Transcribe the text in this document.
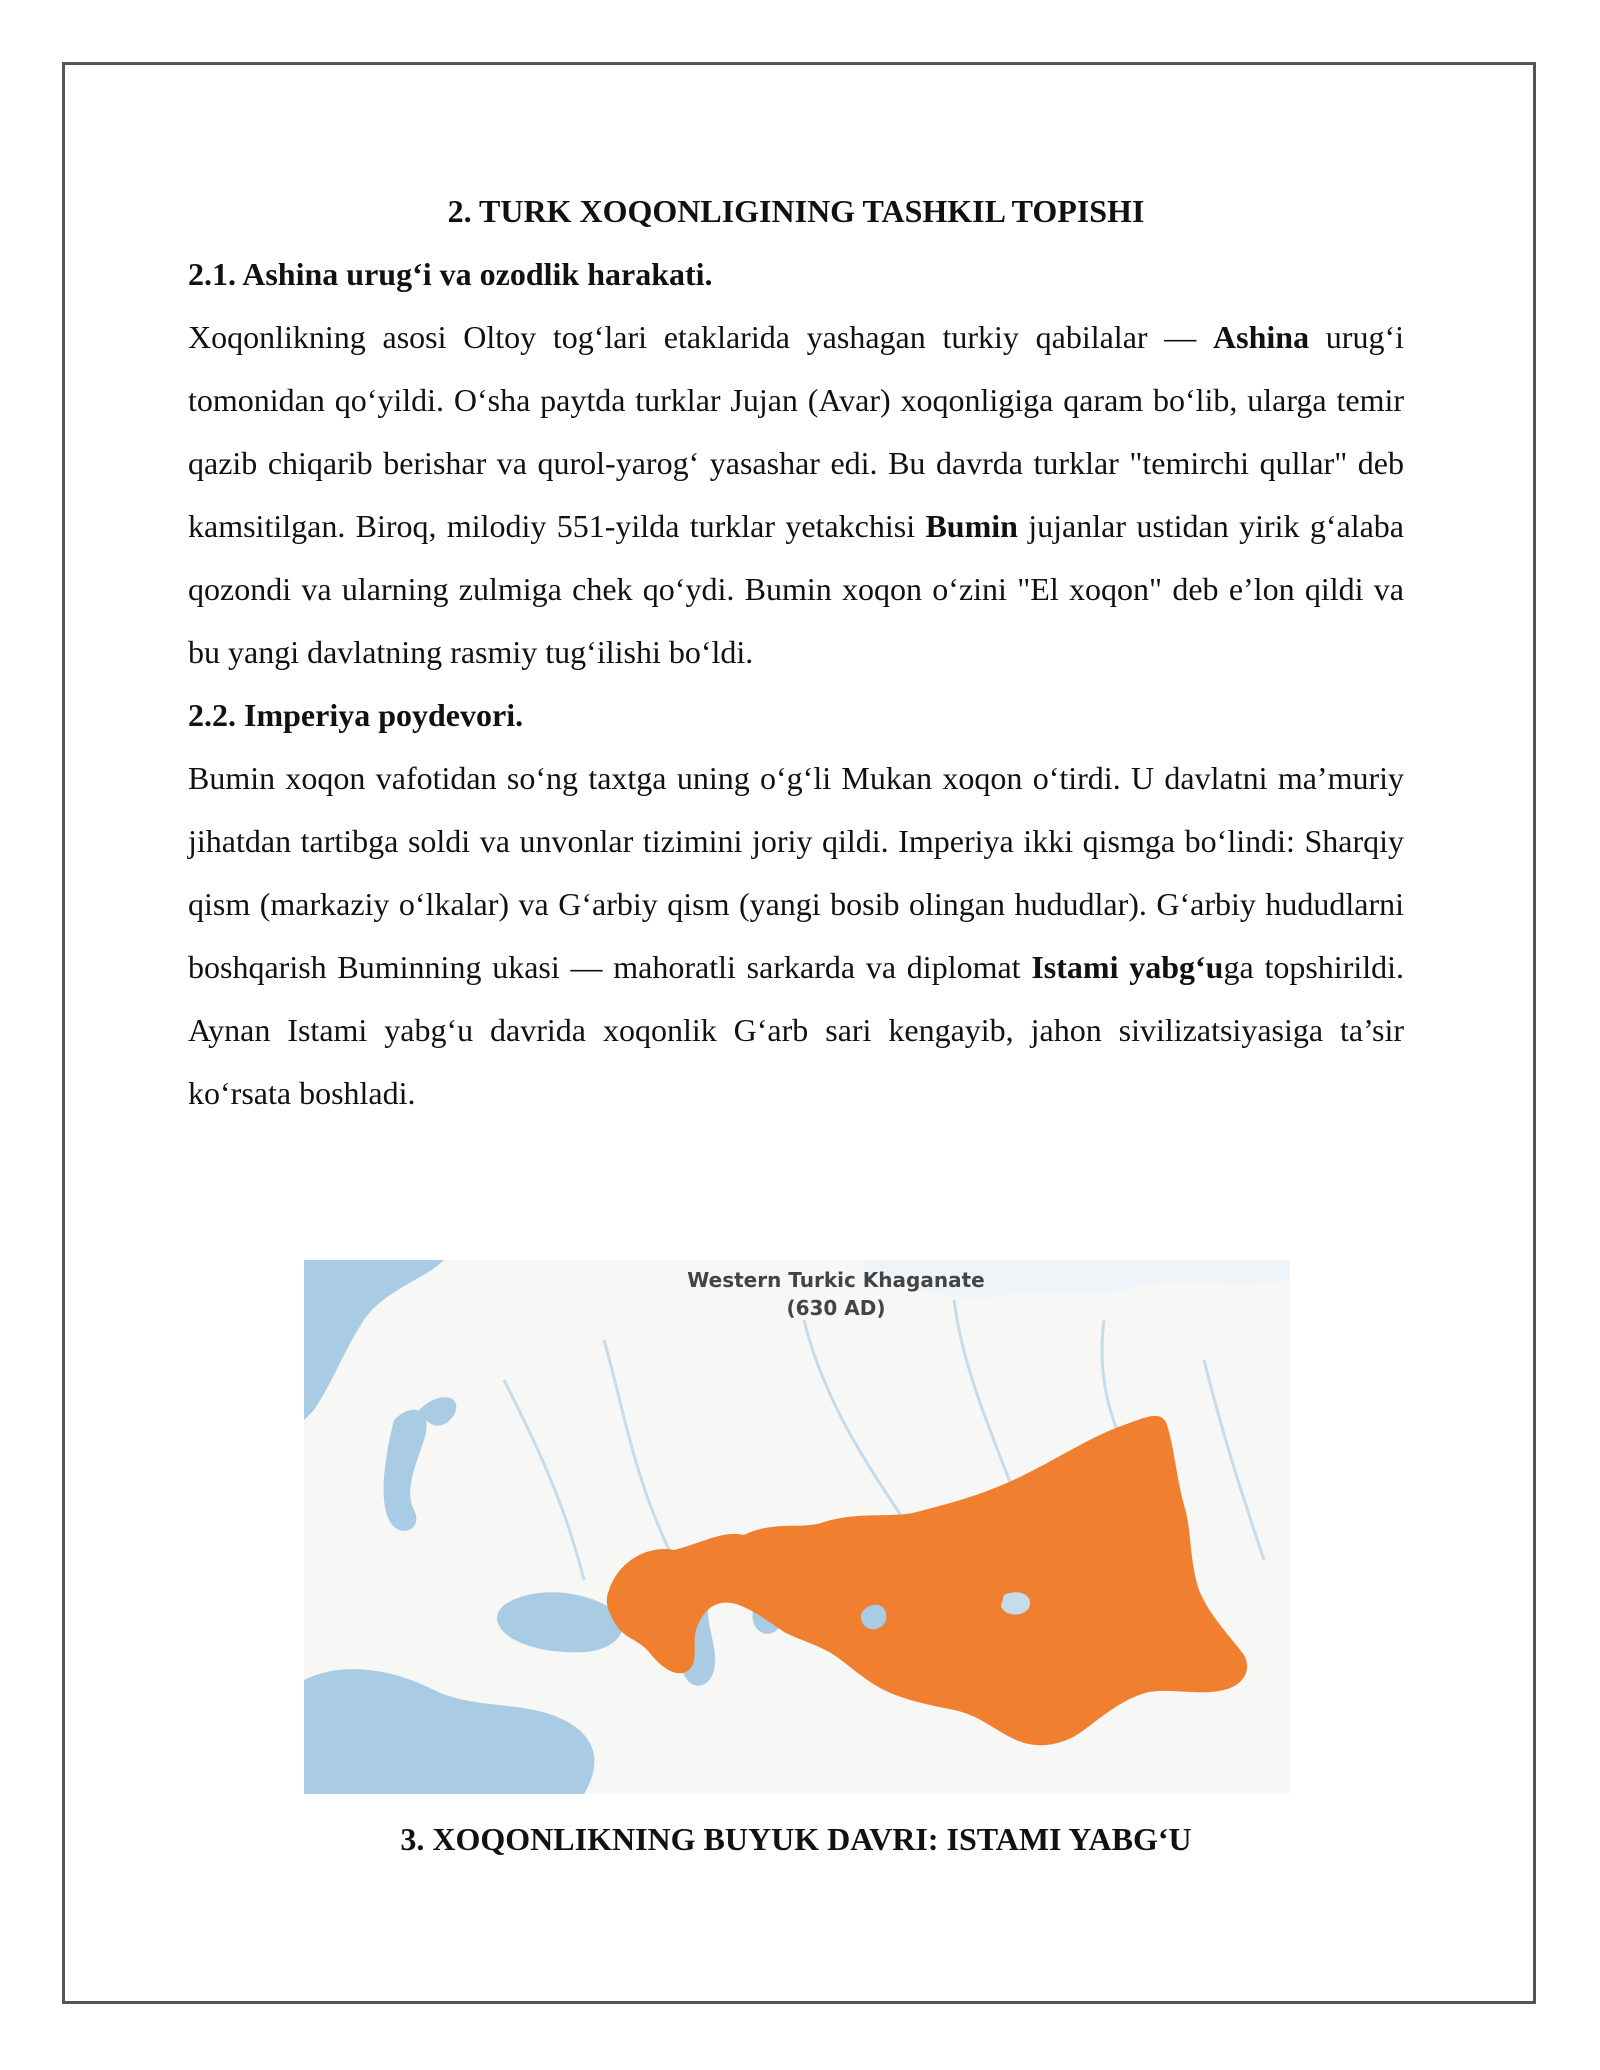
2. TURK XOQONLIGINING TASHKIL TOPISHI
2.1. Ashina urug‘i va ozodlik harakati.

Xoqonlikning asosi Oltoy tog‘lari etaklarida yashagan turkiy qabilalar — Ashina urug‘i tomonidan qo‘yildi. O‘sha paytda turklar Jujan (Avar) xoqonligiga qaram bo‘lib, ularga temir qazib chiqarib berishar va qurol-yarog‘ yasashar edi. Bu davrda turklar "temirchi qullar" deb kamsitilgan. Biroq, milodiy 551-yilda turklar yetakchisi Bumin jujanlar ustidan yirik g‘alaba qozondi va ularning zulmiga chek qo‘ydi. Bumin xoqon o‘zini "El xoqon" deb e’lon qildi va bu yangi davlatning rasmiy tug‘ilishi bo‘ldi.

2.2. Imperiya poydevori.

Bumin xoqon vafotidan so‘ng taxtga uning o‘g‘li Mukan xoqon o‘tirdi. U davlatni ma’muriy jihatdan tartibga soldi va unvonlar tizimini joriy qildi. Imperiya ikki qismga bo‘lindi: Sharqiy qism (markaziy o‘lkalar) va G‘arbiy qism (yangi bosib olingan hududlar). G‘arbiy hududlarni boshqarish Buminning ukasi — mahoratli sarkarda va diplomat Istami yabg‘uga topshirildi. Aynan Istami yabg‘u davrida xoqonlik G‘arb sari kengayib, jahon sivilizatsiyasiga ta’sir ko‘rsata boshladi.

Western Turkic Khaganate
(630 AD)
3. XOQONLIKNING BUYUK DAVRI: ISTAMI YABG‘U
